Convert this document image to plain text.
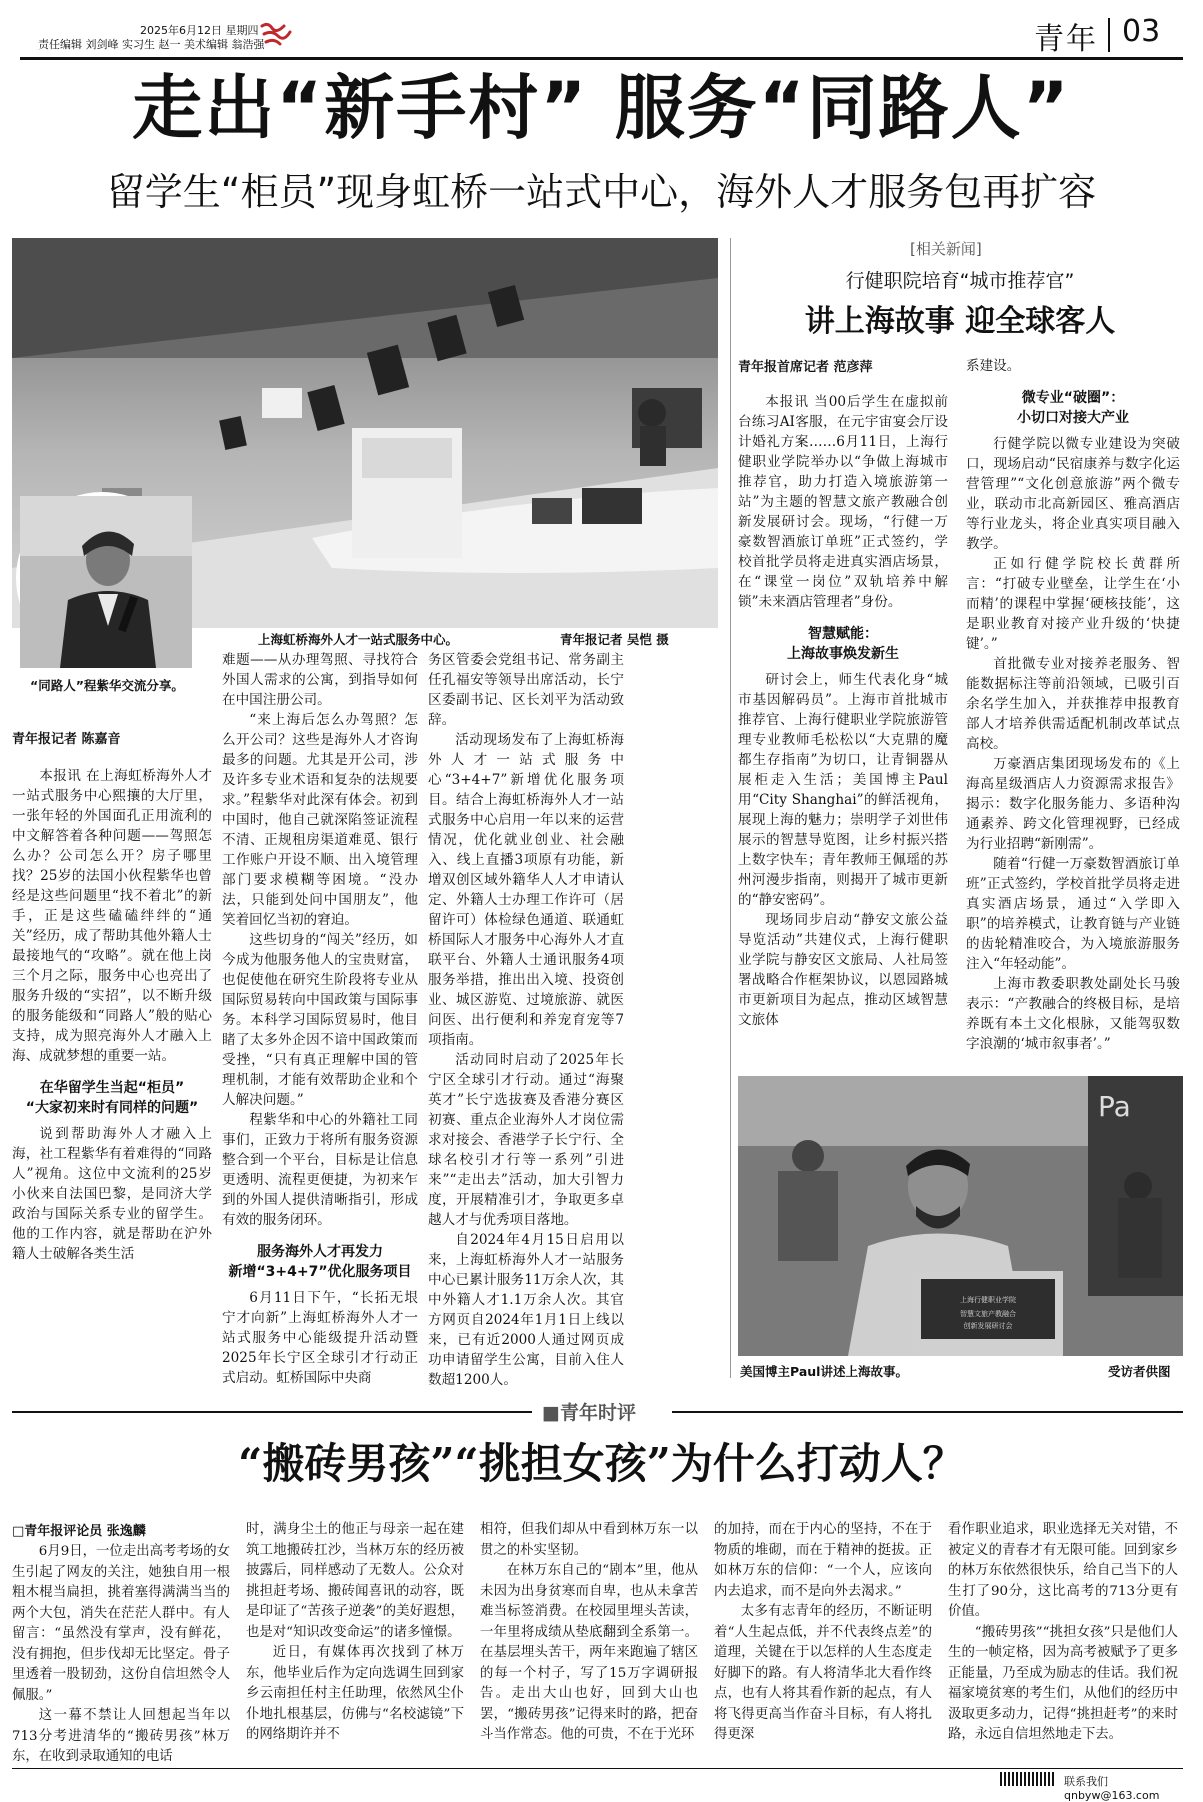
2025年6月12日 星期四
责任编辑 刘剑峰 实习生 赵一 美术编辑 翁浩强	青年 03
走出“新手村” 服务“同路人”
留学生“柜员”现身虹桥一站式中心，海外人才服务包再扩容
“同路人”程紫华交流分享。
上海虹桥海外人才一站式服务中心。	青年报记者 吴恺 摄
青年报记者 陈嘉音

本报讯 在上海虹桥海外人才一站式服务中心熙攘的大厅里，一张年轻的外国面孔正用流利的中文解答着各种问题——驾照怎么办？公司怎么开？房子哪里找？25岁的法国小伙程紫华也曾经是这些问题里“找不着北”的新手，正是这些磕磕绊绊的“通关”经历，成了帮助其他外籍人士最接地气的“攻略”。就在他上岗三个月之际，服务中心也亮出了服务升级的“实招”，以不断升级的服务能级和“同路人”般的贴心支持，成为照亮海外人才融入上海、成就梦想的重要一站。

在华留学生当起“柜员”
“大家初来时有同样的问题”

说到帮助海外人才融入上海，社工程紫华有着难得的“同路人”视角。这位中文流利的25岁小伙来自法国巴黎，是同济大学政治与国际关系专业的留学生。他的工作内容，就是帮助在沪外籍人士破解各类生活

难题——从办理驾照、寻找符合外国人需求的公寓，到指导如何在中国注册公司。

“来上海后怎么办驾照？怎么开公司？这些是海外人才咨询最多的问题。尤其是开公司，涉及许多专业术语和复杂的法规要求。”程紫华对此深有体会。初到中国时，他自己就深陷签证流程不清、正规租房渠道难觅、银行工作账户开设不顺、出入境管理部门要求模糊等困境。“没办法，只能到处问中国朋友”，他笑着回忆当初的窘迫。

这些切身的“闯关”经历，如今成为他服务他人的宝贵财富，也促使他在研究生阶段将专业从国际贸易转向中国政策与国际事务。本科学习国际贸易时，他目睹了太多外企因不谙中国政策而受挫，“只有真正理解中国的管理机制，才能有效帮助企业和个人解决问题。”

程紫华和中心的外籍社工同事们，正致力于将所有服务资源整合到一个平台，目标是让信息更透明、流程更便捷，为初来乍到的外国人提供清晰指引，形成有效的服务闭环。

服务海外人才再发力
新增“3+4+7”优化服务项目

6月11日下午，“长拓无垠 宁才向新”上海虹桥海外人才一站式服务中心能级提升活动暨2025年长宁区全球引才行动正式启动。虹桥国际中央商

务区管委会党组书记、常务副主任孔福安等领导出席活动，长宁区委副书记、区长刘平为活动致辞。

活动现场发布了上海虹桥海外人才一站式服务中心“3+4+7”新增优化服务项目。结合上海虹桥海外人才一站式服务中心启用一年以来的运营情况，优化就业创业、社会融入、线上直播3项原有功能，新增双创区域外籍华人人才申请认定、外籍人士办理工作许可（居留许可）体检绿色通道、联通虹桥国际人才服务中心海外人才直联平台、外籍人士通讯服务4项服务举措，推出出入境、投资创业、城区游览、过境旅游、就医问医、出行便利和养宠育宠等7项指南。

活动同时启动了2025年长宁区全球引才行动。通过“海聚英才”长宁选拔赛及香港分赛区初赛、重点企业海外人才岗位需求对接会、香港学子长宁行、全球名校引才行等一系列”引进来”“走出去”活动，加大引智力度，开展精准引才，争取更多卓越人才与优秀项目落地。

自2024年4月15日启用以来，上海虹桥海外人才一站服务中心已累计服务11万余人次，其中外籍人才1.1万余人次。其官方网页自2024年1月1日上线以来，已有近2000人通过网页成功申请留学生公寓，目前入住人数超1200人。

[相关新闻]
行健职院培育“城市推荐官”
讲上海故事 迎全球客人
青年报首席记者 范彦萍

本报讯 当00后学生在虚拟前台练习AI客服，在元宇宙宴会厅设计婚礼方案……6月11日，上海行健职业学院举办以“争做上海城市推荐官，助力打造入境旅游第一站”为主题的智慧文旅产教融合创新发展研讨会。现场，“行健一万豪数智酒旅订单班”正式签约，学校首批学员将走进真实酒店场景，在“课堂一岗位”双轨培养中解锁”未来酒店管理者”身份。

智慧赋能：
上海故事焕发新生

研讨会上，师生代表化身“城市基因解码员”。上海市首批城市推荐官、上海行健职业学院旅游管理专业教师毛松松以“大克鼎的魔都生存指南”为切口，让青铜器从展柜走入生活；美国博主Paul用“City Shanghai”的鲜活视角，展现上海的魅力；崇明学子刘世伟展示的智慧导览图，让乡村振兴搭上数字快车；青年教师王佩瑶的苏州河漫步指南，则揭开了城市更新的“静安密码”。

现场同步启动“静安文旅公益导览活动”共建仪式，上海行健职业学院与静安区文旅局、人社局签署战略合作框架协议，以恩园路城市更新项目为起点，推动区域智慧文旅体

系建设。

微专业“破圈”：
小切口对接大产业

行健学院以微专业建设为突破口，现场启动“民宿康养与数字化运营管理”“文化创意旅游”两个微专业，联动市北高新园区、雅高酒店等行业龙头，将企业真实项目融入教学。

正如行健学院校长黄群所言：“打破专业壁垒，让学生在‘小而精’的课程中掌握‘硬核技能’，这是职业教育对接产业升级的‘快捷键’。”

首批微专业对接养老服务、智能数据标注等前沿领域，已吸引百余名学生加入，并获推荐申报教育部人才培养供需适配机制改革试点高校。

万豪酒店集团现场发布的《上海高星级酒店人力资源需求报告》揭示：数字化服务能力、多语种沟通素养、跨文化管理视野，已经成为行业招聘“新刚需”。

随着“行健一万豪数智酒旅订单班”正式签约，学校首批学员将走进真实酒店场景，通过“入学即入职”的培养模式，让教育链与产业链的齿轮精准咬合，为入境旅游服务注入“年轻动能”。

上海市教委职教处副处长马骏表示：“产教融合的终极目标，是培养既有本土文化根脉，又能驾驭数字浪潮的‘城市叙事者’。”

Pa
上海行健职业学院
智慧文旅产教融合
创新发展研讨会
美国博主Paul讲述上海故事。	受访者供图
■青年时评
“搬砖男孩”“挑担女孩”为什么打动人？
□青年报评论员 张逸麟

6月9日，一位走出高考考场的女生引起了网友的关注，她独自用一根粗木棍当扁担，挑着塞得满满当当的两个大包，消失在茫茫人群中。有人留言：“虽然没有掌声，没有鲜花，没有拥抱，但步伐却无比坚定。骨子里透着一股韧劲，这份自信坦然令人佩服。”

这一幕不禁让人回想起当年以713分考进清华的“搬砖男孩”林万东，在收到录取通知的电话

时，满身尘土的他正与母亲一起在建筑工地搬砖扛沙，当林万东的经历被披露后，同样感动了无数人。公众对挑担赶考场、搬砖闻喜讯的动容，既是印证了“苦孩子逆袭”的美好遐想，也是对“知识改变命运”的诸多憧憬。

近日，有媒体再次找到了林万东，他毕业后作为定向选调生回到家乡云南担任村主任助理，依然风尘仆仆地扎根基层，仿佛与“名校滤镜”下的网络期许并不

相符，但我们却从中看到林万东一以贯之的朴实坚韧。

在林万东自己的“剧本”里，他从未因为出身贫寒而自卑，也从未拿苦难当标签消费。在校园里埋头苦读，一年里将成绩从垫底翻到全系第一。在基层埋头苦干，两年来跑遍了辖区的每一个村子，写了15万字调研报告。走出大山也好，回到大山也罢，“搬砖男孩”记得来时的路，把奋斗当作常态。他的可贵，不在于光环

的加持，而在于内心的坚持，不在于物质的堆砌，而在于精神的挺拔。正如林万东的信仰：“一个人，应该向内去追求，而不是向外去渴求。”

太多有志青年的经历，不断证明着“人生起点低，并不代表终点差”的道理，关键在于以怎样的人生态度走好脚下的路。有人将清华北大看作终点，也有人将其看作新的起点，有人将飞得更高当作奋斗目标，有人将扎得更深

看作职业追求，职业选择无关对错，不被定义的青春才有无限可能。回到家乡的林万东依然很快乐，给自己当下的人生打了90分，这比高考的713分更有价值。

“搬砖男孩”“挑担女孩”只是他们人生的一帧定格，因为高考被赋予了更多正能量，乃至成为励志的佳话。我们祝福家境贫寒的考生们，从他们的经历中汲取更多动力，记得“挑担赶考”的来时路，永远自信坦然地走下去。

联系我们 qnbyw@163.com
